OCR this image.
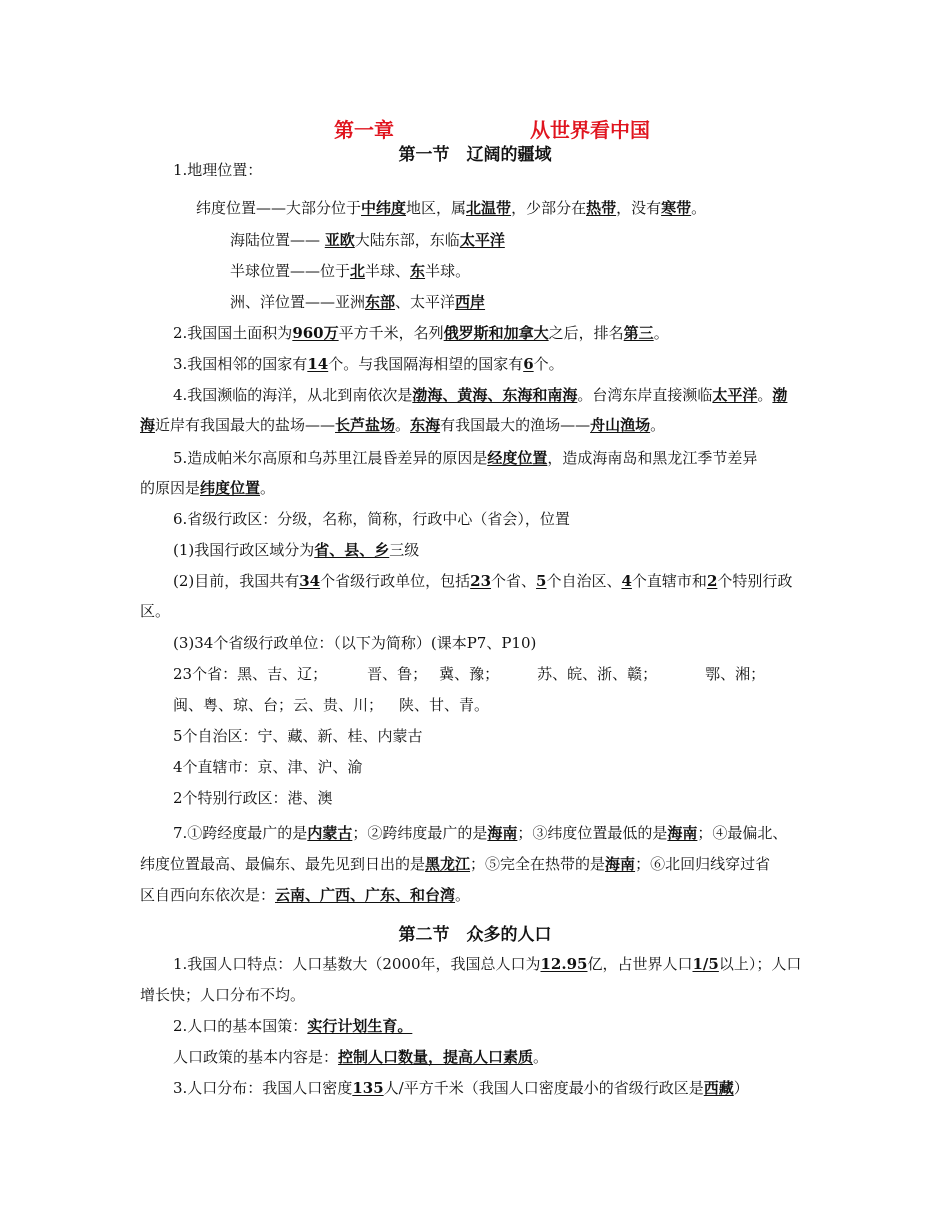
第一章	从世界看中国
第一节　辽阔的疆域
1.地理位置：
纬度位置——大部分位于中纬度地区，属北温带，少部分在热带，没有寒带。
海陆位置—— 亚欧大陆东部，东临太平洋
半球位置——位于北半球、东半球。
洲、洋位置——亚洲东部、太平洋西岸
2.我国国土面积为960万平方千米，名列俄罗斯和加拿大之后，排名第三。
3.我国相邻的国家有14个。与我国隔海相望的国家有6个。
4.我国濒临的海洋，从北到南依次是渤海、黄海、东海和南海。台湾东岸直接濒临太平洋。渤
海近岸有我国最大的盐场——长芦盐场。东海有我国最大的渔场——舟山渔场。
5.造成帕米尔高原和乌苏里江晨昏差异的原因是经度位置，造成海南岛和黑龙江季节差异
的原因是纬度位置。
6.省级行政区：分级，名称，简称，行政中心（省会），位置
(1)我国行政区域分为省、县、乡三级
(2)目前，我国共有34个省级行政单位，包括23个省、5个自治区、4个直辖市和2个特别行政
区。
(3)34个省级行政单位：（以下为简称）(课本P7、P10)
23个省：黑、吉、辽；	晋、鲁； 冀、豫；	苏、皖、浙、赣；	鄂、湘；
闽、粤、琼、台；云、贵、川； 陕、甘、青。
5个自治区：宁、藏、新、桂、内蒙古
4个直辖市：京、津、沪、渝
2个特别行政区：港、澳
7.①跨经度最广的是内蒙古；②跨纬度最广的是海南；③纬度位置最低的是海南；④最偏北、
纬度位置最高、最偏东、最先见到日出的是黑龙江；⑤完全在热带的是海南；⑥北回归线穿过省
区自西向东依次是：云南、广西、广东、和台湾。
第二节　众多的人口
1.我国人口特点：人口基数大（2000年，我国总人口为12.95亿，占世界人口1/5以上）；人口
增长快；人口分布不均。
2.人口的基本国策：实行计划生育。
人口政策的基本内容是：控制人口数量，提高人口素质。
3.人口分布：我国人口密度135人/平方千米（我国人口密度最小的省级行政区是西藏）
